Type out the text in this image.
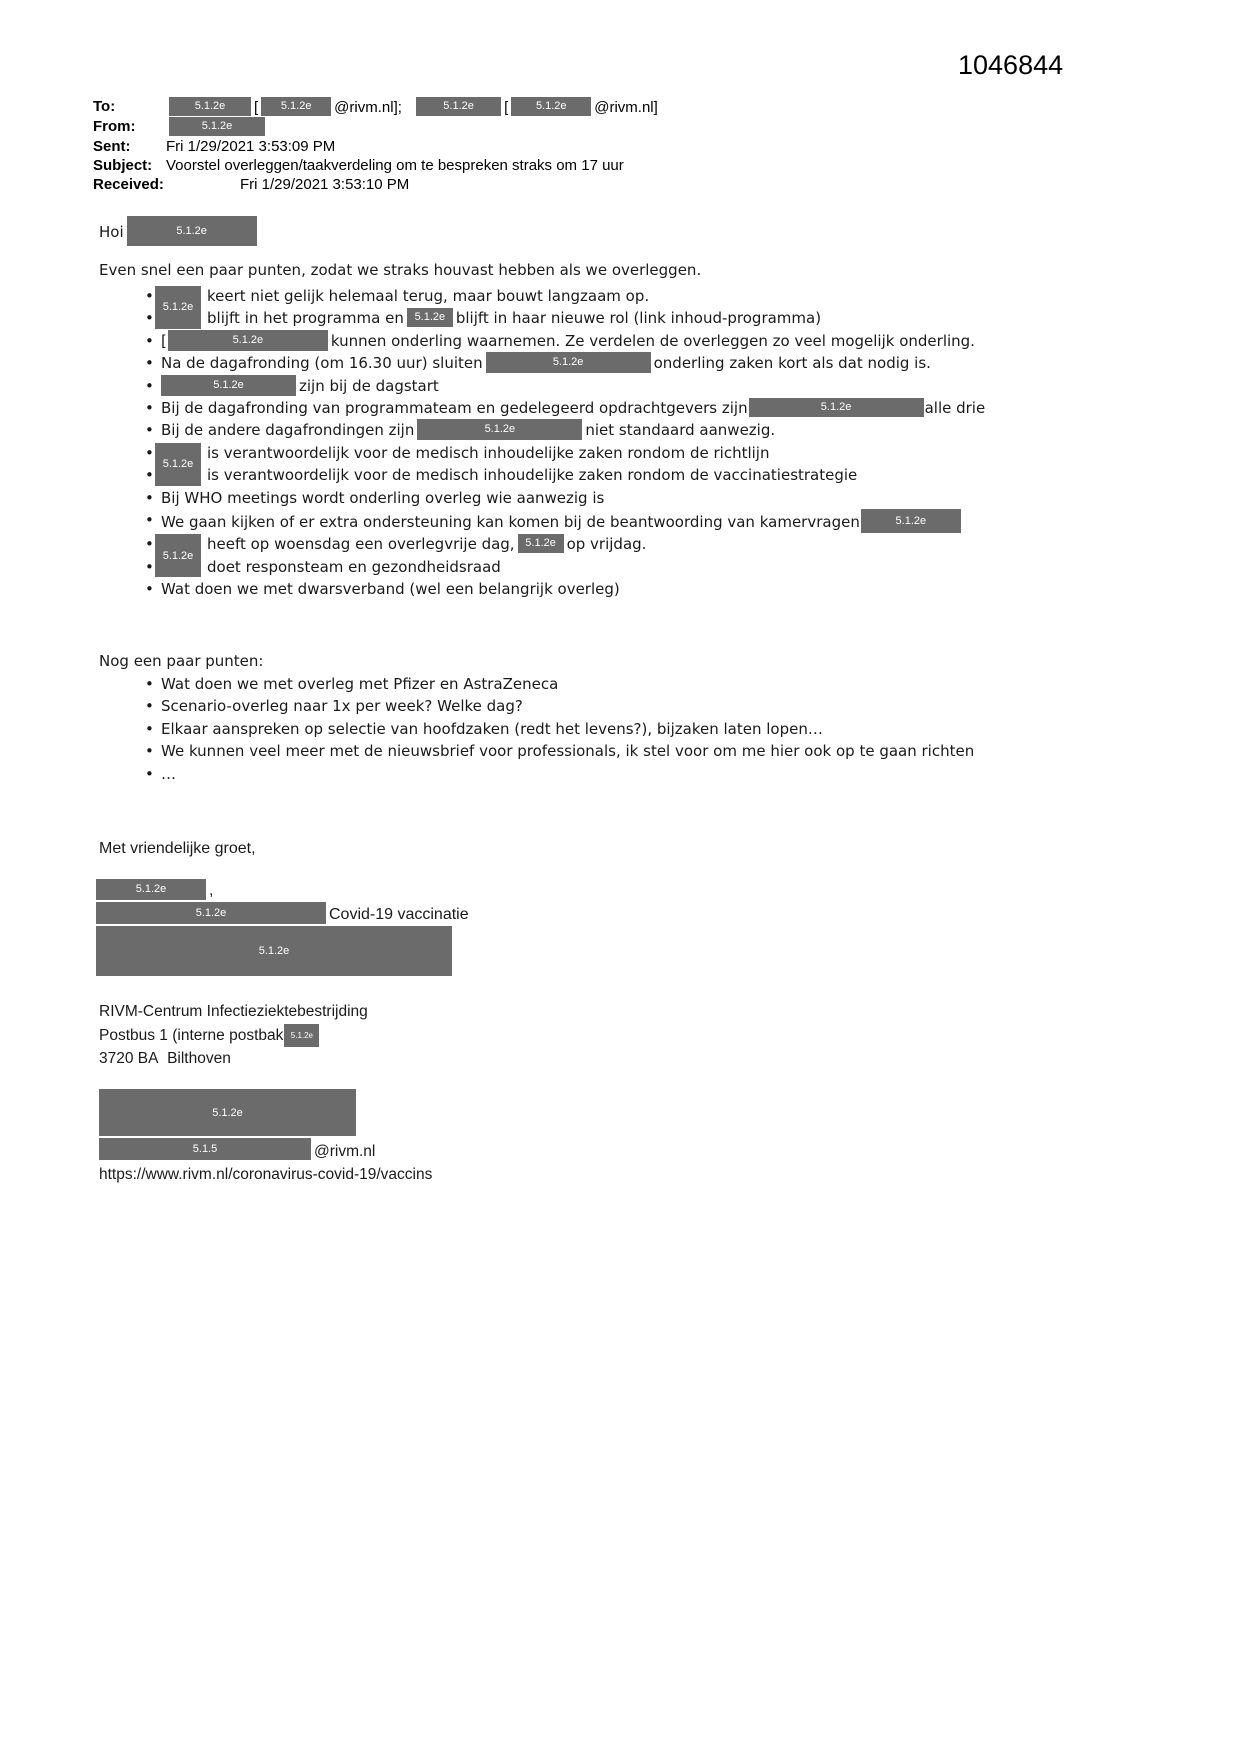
1046844
To:	5.1.2e [ 5.1.2e @rivm.nl];	5.1.2e [	5.1.2e @rivm.nl]
From:	5.1.2e
Sent:	Fri 1/29/2021 3:53:09 PM
Subject: Voorstel overleggen/taakverdeling om te bespreken straks om 17 uur
Received:	Fri 1/29/2021 3:53:10 PM
Hoi	5.1.2e
Even snel een paar punten, zodat we straks houvast hebben als we overleggen.
• 5.1.2e
keert niet gelijk helemaal terug, maar bouwt langzaam op.
• blijft in het programma en 5.1.2e blijft in haar nieuwe rol (link inhoud-programma)
• [	5.1.2e	kunnen onderling waarnemen. Ze verdelen de overleggen zo veel mogelijk onderling.
• Na de dagafronding (om 16.30 uur) sluiten	5.1.2e	onderling zaken kort als dat nodig is.
• 5.1.2e	zijn bij de dagstart
• Bij de dagafronding van programmateam en gedelegeerd opdrachtgevers zijn	5.1.2e	alle drie
• Bij de andere dagafrondingen zijn	5.1.2e	niet standaard aanwezig.
• 5.1.2e
is verantwoordelijk voor de medisch inhoudelijke zaken rondom de richtlijn
• is verantwoordelijk voor de medisch inhoudelijke zaken rondom de vaccinatiestrategie
• Bij WHO meetings wordt onderling overleg wie aanwezig is
• We gaan kijken of er extra ondersteuning kan komen bij de beantwoording van kamervragen	5.1.2e
• 5.1.2e
heeft op woensdag een overlegvrije dag, 5.1.2e op vrijdag.
• doet responsteam en gezondheidsraad
• Wat doen we met dwarsverband (wel een belangrijk overleg)
Nog een paar punten:
• Wat doen we met overleg met Pfizer en AstraZeneca
• Scenario-overleg naar 1x per week? Welke dag?
• Elkaar aanspreken op selectie van hoofdzaken (redt het levens?), bijzaken laten lopen…
• We kunnen veel meer met de nieuwsbrief voor professionals, ik stel voor om me hier ook op te gaan richten
• …
Met vriendelijke groet,
5.1.2e	,
5.1.2e	Covid-19 vaccinatie
5.1.2e
RIVM-Centrum Infectieziektebestrijding
Postbus 1 (interne postbak 5.1.2e
3720 BA  Bilthoven
5.1.2e
5.1.5	@rivm.nl
https://www.rivm.nl/coronavirus-covid-19/vaccins
